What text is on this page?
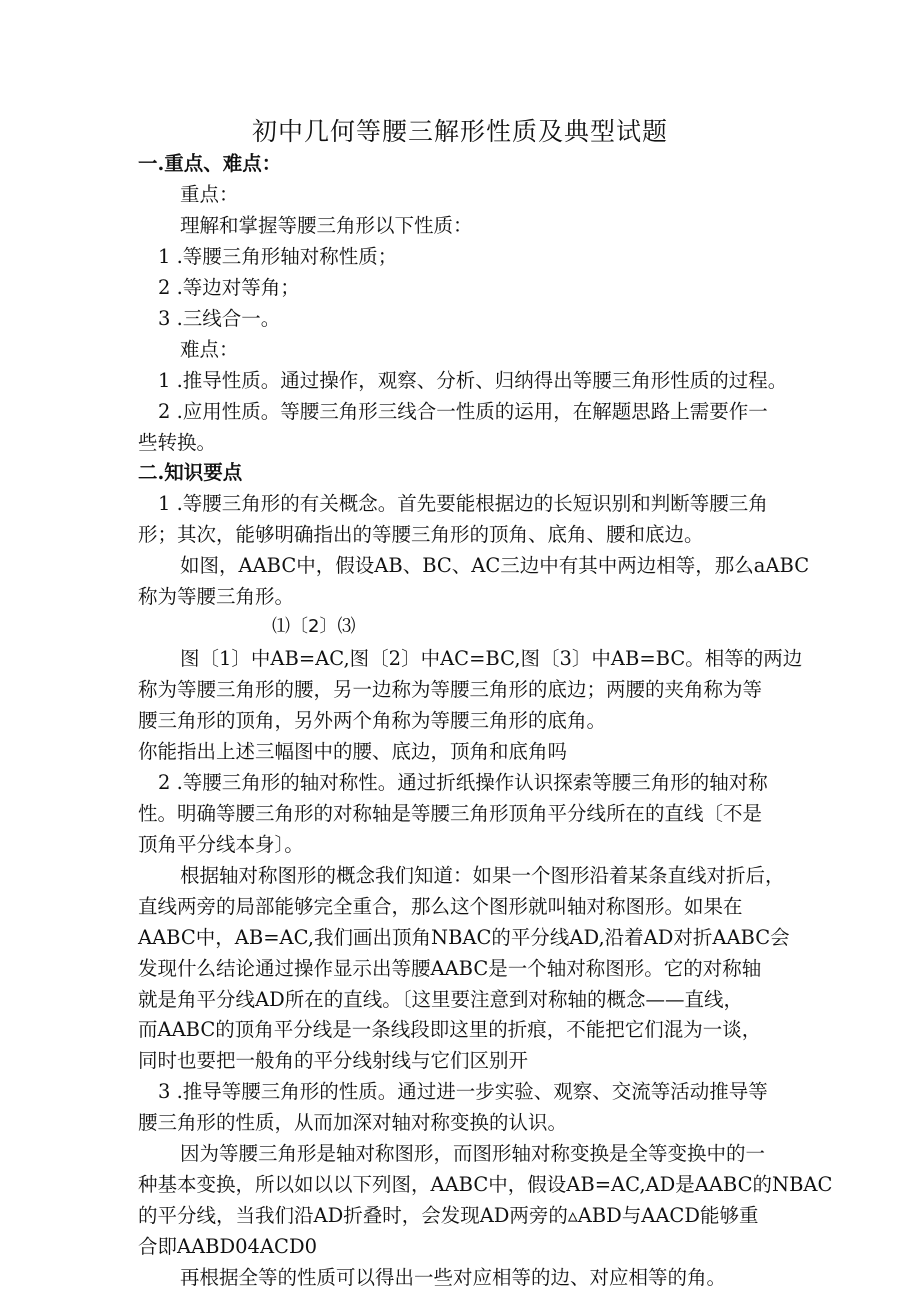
初中几何等腰三解形性质及典型试题
一.重点、难点：
重点：
理解和掌握等腰三角形以下性质：
1 .等腰三角形轴对称性质；
2 .等边对等角；
3 .三线合一。
难点：
1 .推导性质。通过操作，观察、分析、归纳得出等腰三角形性质的过程。
2 .应用性质。等腰三角形三线合一性质的运用，在解题思路上需要作一
些转换。
二.知识要点
1 .等腰三角形的有关概念。首先要能根据边的长短识别和判断等腰三角
形；其次，能够明确指出的等腰三角形的顶角、底角、腰和底边。
如图，AABC中，假设AB、BC、AC三边中有其中两边相等，那么aABC
称为等腰三角形。
⑴〔2〕⑶
图〔1〕中AB=AC,图〔2〕中AC=BC,图〔3〕中AB=BC。相等的两边
称为等腰三角形的腰，另一边称为等腰三角形的底边；两腰的夹角称为等
腰三角形的顶角，另外两个角称为等腰三角形的底角。
你能指出上述三幅图中的腰、底边，顶角和底角吗
2 .等腰三角形的轴对称性。通过折纸操作认识探索等腰三角形的轴对称
性。明确等腰三角形的对称轴是等腰三角形顶角平分线所在的直线〔不是
顶角平分线本身〕。
根据轴对称图形的概念我们知道：如果一个图形沿着某条直线对折后，
直线两旁的局部能够完全重合，那么这个图形就叫轴对称图形。如果在
AABC中，AB=AC,我们画出顶角NBAC的平分线AD,沿着AD对折AABC会
发现什么结论通过操作显示出等腰AABC是一个轴对称图形。它的对称轴
就是角平分线AD所在的直线。〔这里要注意到对称轴的概念——直线，
而AABC的顶角平分线是一条线段即这里的折痕，不能把它们混为一谈，
同时也要把一般角的平分线射线与它们区别开
3 .推导等腰三角形的性质。通过进一步实验、观察、交流等活动推导等
腰三角形的性质，从而加深对轴对称变换的认识。
因为等腰三角形是轴对称图形，而图形轴对称变换是全等变换中的一
种基本变换，所以如以以下列图，AABC中，假设AB=AC,AD是AABC的NBAC
的平分线，当我们沿AD折叠时，会发现AD两旁的▵ABD与AACD能够重
合即AABD04ACD0
再根据全等的性质可以得出一些对应相等的边、对应相等的角。
